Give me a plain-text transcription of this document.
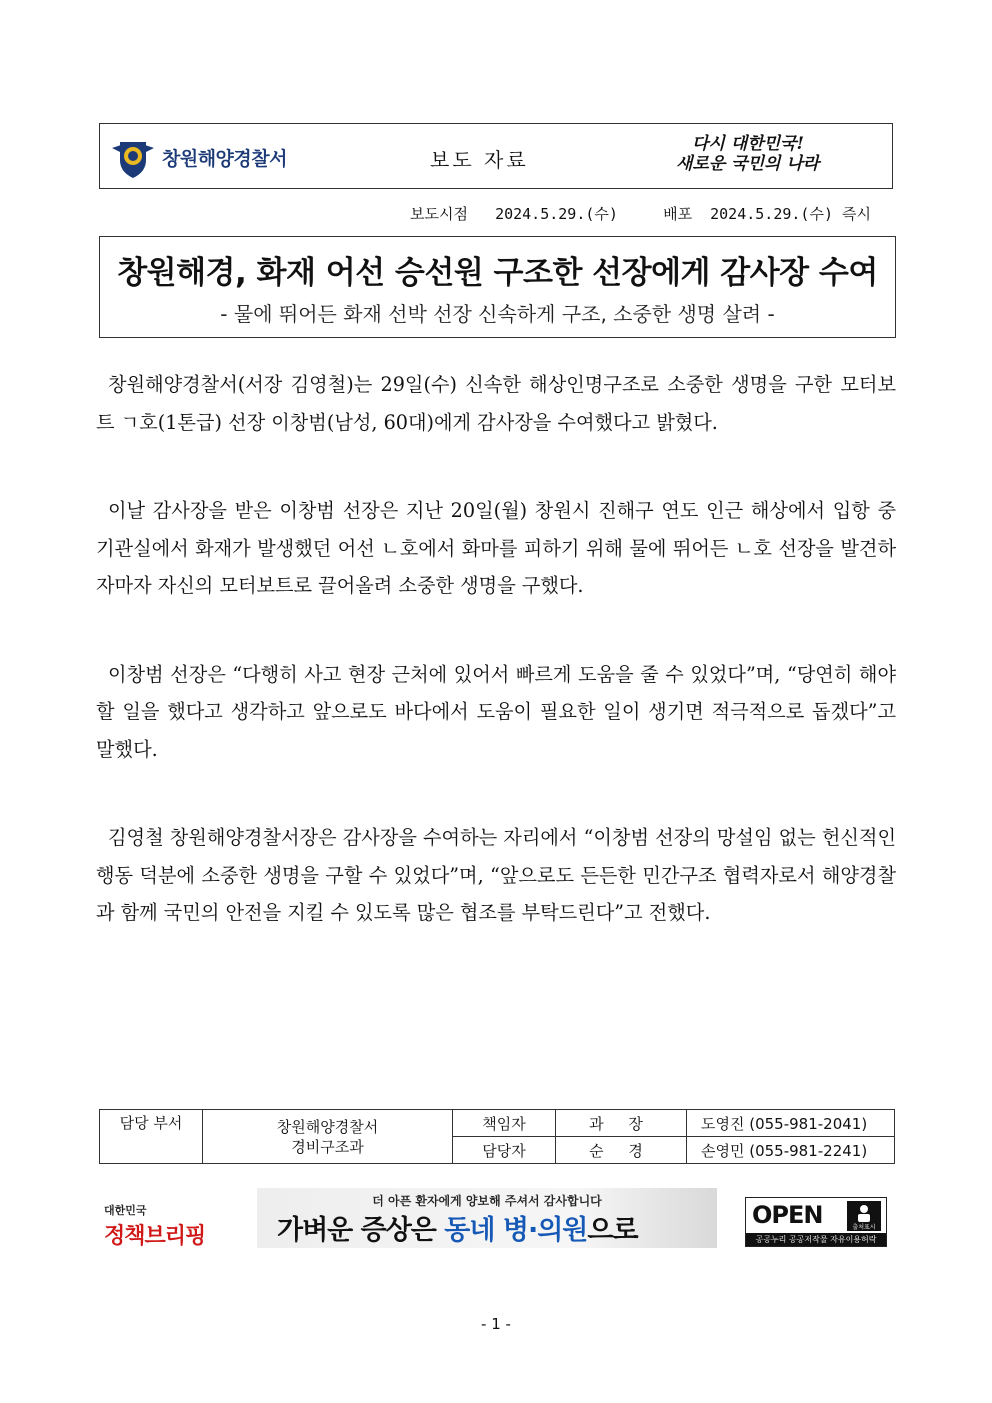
창원해양경찰서	보도 자료
다시 대한민국!
새로운 국민의 나라
보도시점 2024.5.29.(수)	배포 2024.5.29.(수) 즉시
창원해경, 화재 어선 승선원 구조한 선장에게 감사장 수여
- 물에 뛰어든 화재 선박 선장 신속하게 구조, 소중한 생명 살려 -

창원해양경찰서(서장 김영철)는 29일(수) 신속한 해상인명구조로 소중한 생명을 구한 모터보트 ㄱ호(1톤급) 선장 이창범(남성, 60대)에게 감사장을 수여했다고 밝혔다.

이날 감사장을 받은 이창범 선장은 지난 20일(월) 창원시 진해구 연도 인근 해상에서 입항 중 기관실에서 화재가 발생했던 어선 ㄴ호에서 화마를 피하기 위해 물에 뛰어든 ㄴ호 선장을 발견하자마자 자신의 모터보트로 끌어올려 소중한 생명을 구했다.

이창범 선장은 “다행히 사고 현장 근처에 있어서 빠르게 도움을 줄 수 있었다”며, “당연히 해야 할 일을 했다고 생각하고 앞으로도 바다에서 도움이 필요한 일이 생기면 적극적으로 돕겠다”고 말했다.

김영철 창원해양경찰서장은 감사장을 수여하는 자리에서 “이창범 선장의 망설임 없는 헌신적인 행동 덕분에 소중한 생명을 구할 수 있었다”며, “앞으로도 든든한 민간구조 협력자로서 해양경찰과 함께 국민의 안전을 지킬 수 있도록 많은 협조를 부탁드린다”고 전했다.

담당 부서	창원해양경찰서
경비구조과	책임자	과 장	도영진 (055-981-2041)
		담당자	순 경	손영민 (055-981-2241)
대한민국
정책브리핑
더 아픈 환자에게 양보해 주셔서 감사합니다
가벼운 증상은 동네 병·의원으로	OPEN	출처표시
공공누리 공공저작물 자유이용허락
- 1 -
